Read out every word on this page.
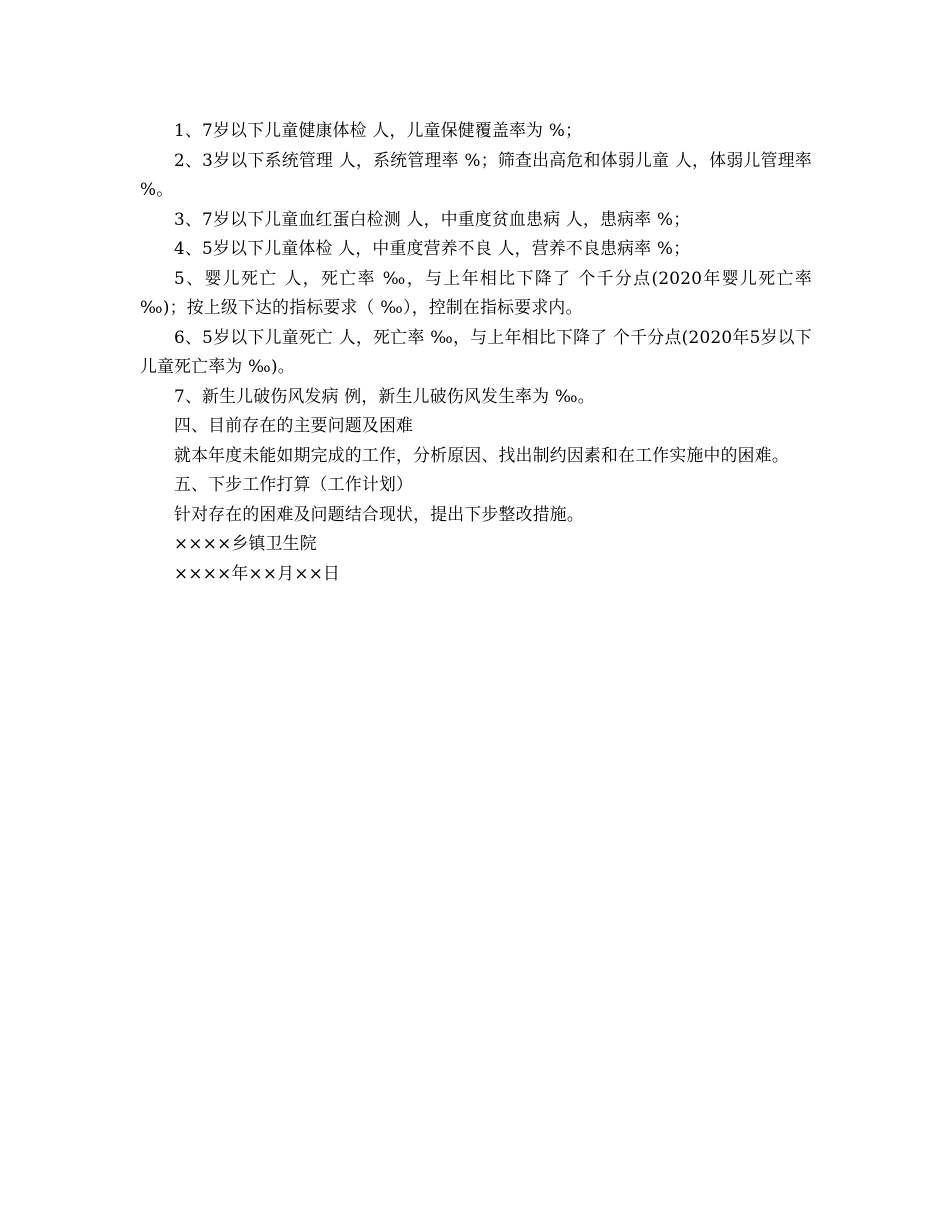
1、7岁以下儿童健康体检 人，儿童保健覆盖率为 %；

2、3岁以下系统管理 人，系统管理率 %；筛查出高危和体弱儿童 人，体弱儿管理率 %。

3、7岁以下儿童血红蛋白检测 人，中重度贫血患病 人，患病率 %；

4、5岁以下儿童体检 人，中重度营养不良 人，营养不良患病率 %；

5、婴儿死亡 人，死亡率 ‰，与上年相比下降了 个千分点(2020年婴儿死亡率 ‰)；按上级下达的指标要求（ ‰），控制在指标要求内。

6、5岁以下儿童死亡 人，死亡率 ‰，与上年相比下降了 个千分点(2020年5岁以下儿童死亡率为 ‰)。

7、新生儿破伤风发病 例，新生儿破伤风发生率为 ‰。

四、目前存在的主要问题及困难

就本年度未能如期完成的工作，分析原因、找出制约因素和在工作实施中的困难。

五、下步工作打算（工作计划）

针对存在的困难及问题结合现状，提出下步整改措施。

××××乡镇卫生院

××××年××月××日
